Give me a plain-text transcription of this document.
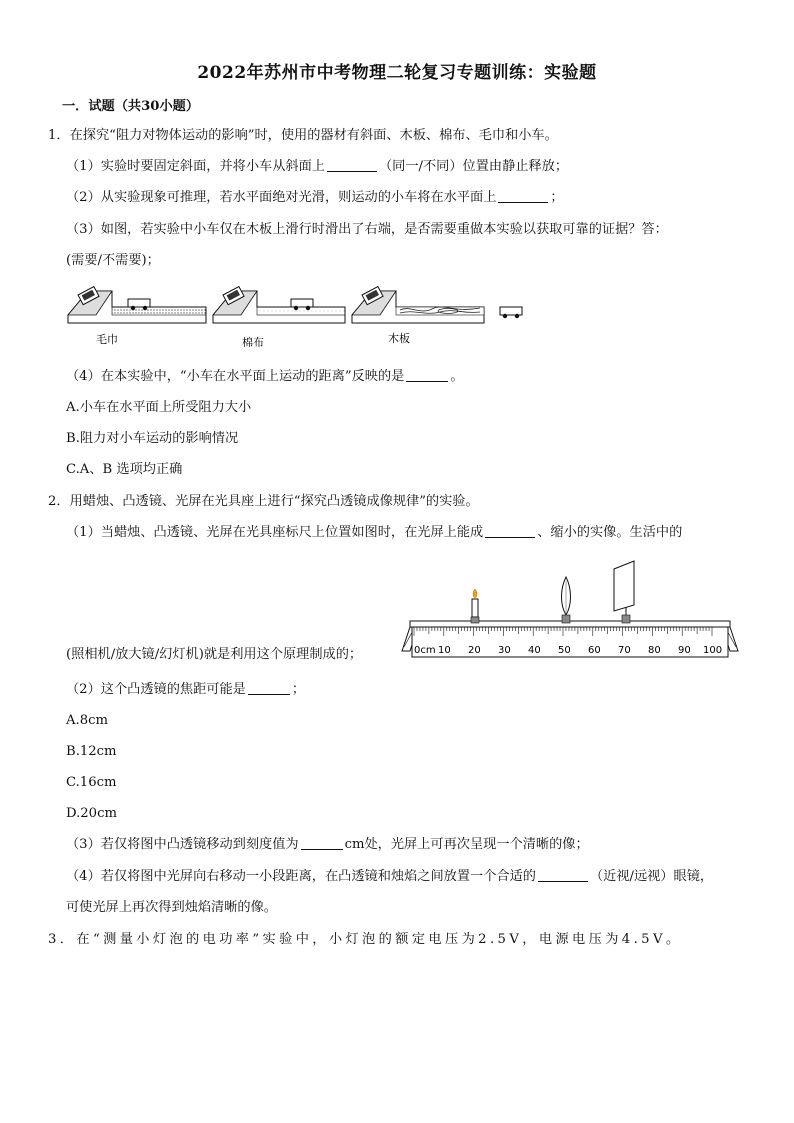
2022年苏州市中考物理二轮复习专题训练：实验题
一．试题（共30小题）
1．在探究“阻力对物体运动的影响”时，使用的器材有斜面、木板、棉布、毛巾和小车。
（1）实验时要固定斜面，并将小车从斜面上	（同一/不同）位置由静止释放；
（2）从实验现象可推理，若水平面绝对光滑，则运动的小车将在水平面上	；
（3）如图，若实验中小车仅在木板上滑行时滑出了右端，是否需要重做本实验以获取可靠的证据？答：
(需要/不需要)；
毛巾	棉布	木板
（4）在本实验中，“小车在水平面上运动的距离”反映的是	。
A.小车在水平面上所受阻力大小
B.阻力对小车运动的影响情况
C.A、B 选项均正确
2．用蜡烛、凸透镜、光屏在光具座上进行“探究凸透镜成像规律”的实验。
（1）当蜡烛、凸透镜、光屏在光具座标尺上位置如图时，在光屏上能成	、缩小的实像。生活中的
0cm 10 20 30 40 50 60 70 80 90 100
(照相机/放大镜/幻灯机)就是利用这个原理制成的；
（2）这个凸透镜的焦距可能是	；
A.8cm
B.12cm
C.16cm
D.20cm
（3）若仅将图中凸透镜移动到刻度值为	cm处，光屏上可再次呈现一个清晰的像；
（4）若仅将图中光屏向右移动一小段距离，在凸透镜和烛焰之间放置一个合适的	（近视/远视）眼镜，
可使光屏上再次得到烛焰清晰的像。
3．在“测量小灯泡的电功率”实验中，小灯泡的额定电压为2.5V，电源电压为4.5V。
